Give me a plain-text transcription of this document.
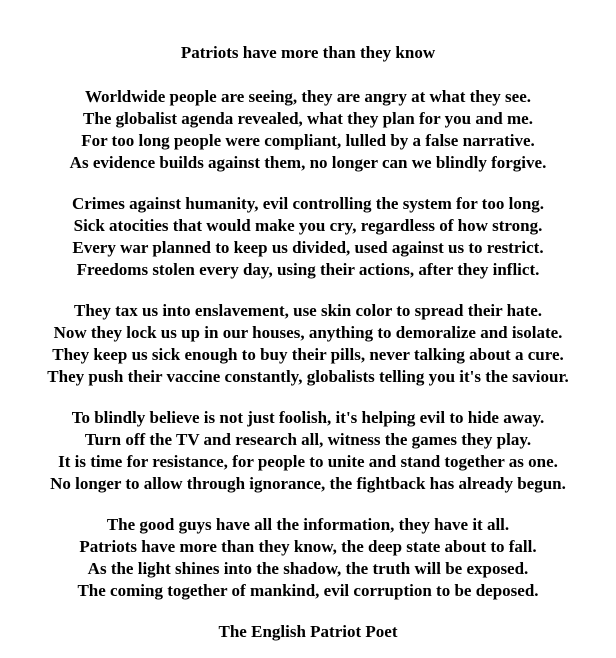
Patriots have more than they know
Worldwide people are seeing, they are angry at what they see.
The globalist agenda revealed, what they plan for you and me.
For too long people were compliant, lulled by a false narrative.
As evidence builds against them, no longer can we blindly forgive.
Crimes against humanity, evil controlling the system for too long.
Sick atocities that would make you cry, regardless of how strong.
Every war planned to keep us divided, used against us to restrict.
Freedoms stolen every day, using their actions, after they inflict.
They tax us into enslavement, use skin color to spread their hate.
Now they lock us up in our houses, anything to demoralize and isolate.
They keep us sick enough to buy their pills, never talking about a cure.
They push their vaccine constantly, globalists telling you it's the saviour.
To blindly believe is not just foolish, it's helping evil to hide away.
Turn off the TV and research all, witness the games they play.
It is time for resistance, for people to unite and stand together as one.
No longer to allow through ignorance, the fightback has already begun.
The good guys have all the information, they have it all.
Patriots have more than they know, the deep state about to fall.
As the light shines into the shadow, the truth will be exposed.
The coming together of mankind, evil corruption to be deposed.
The English Patriot Poet
